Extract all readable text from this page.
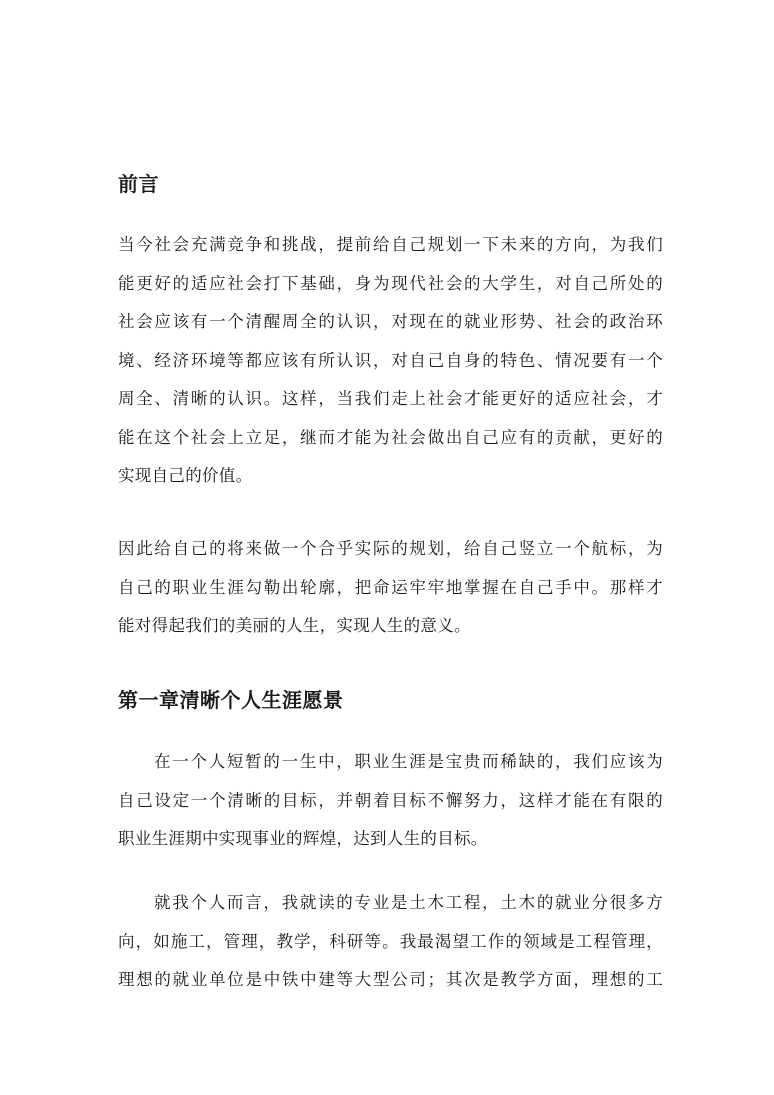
前言
当今社会充满竞争和挑战，提前给自己规划一下未来的方向，为我们
能更好的适应社会打下基础，身为现代社会的大学生，对自己所处的
社会应该有一个清醒周全的认识，对现在的就业形势、社会的政治环
境、经济环境等都应该有所认识，对自己自身的特色、情况要有一个
周全、清晰的认识。这样，当我们走上社会才能更好的适应社会，才
能在这个社会上立足，继而才能为社会做出自己应有的贡献，更好的
实现自己的价值。
因此给自己的将来做一个合乎实际的规划，给自己竖立一个航标，为
自己的职业生涯勾勒出轮廓，把命运牢牢地掌握在自己手中。那样才
能对得起我们的美丽的人生，实现人生的意义。
第一章清晰个人生涯愿景
在一个人短暂的一生中，职业生涯是宝贵而稀缺的，我们应该为
自己设定一个清晰的目标，并朝着目标不懈努力，这样才能在有限的
职业生涯期中实现事业的辉煌，达到人生的目标。
就我个人而言，我就读的专业是土木工程，土木的就业分很多方
向，如施工，管理，教学，科研等。我最渴望工作的领域是工程管理，
理想的就业单位是中铁中建等大型公司；其次是教学方面，理想的工
